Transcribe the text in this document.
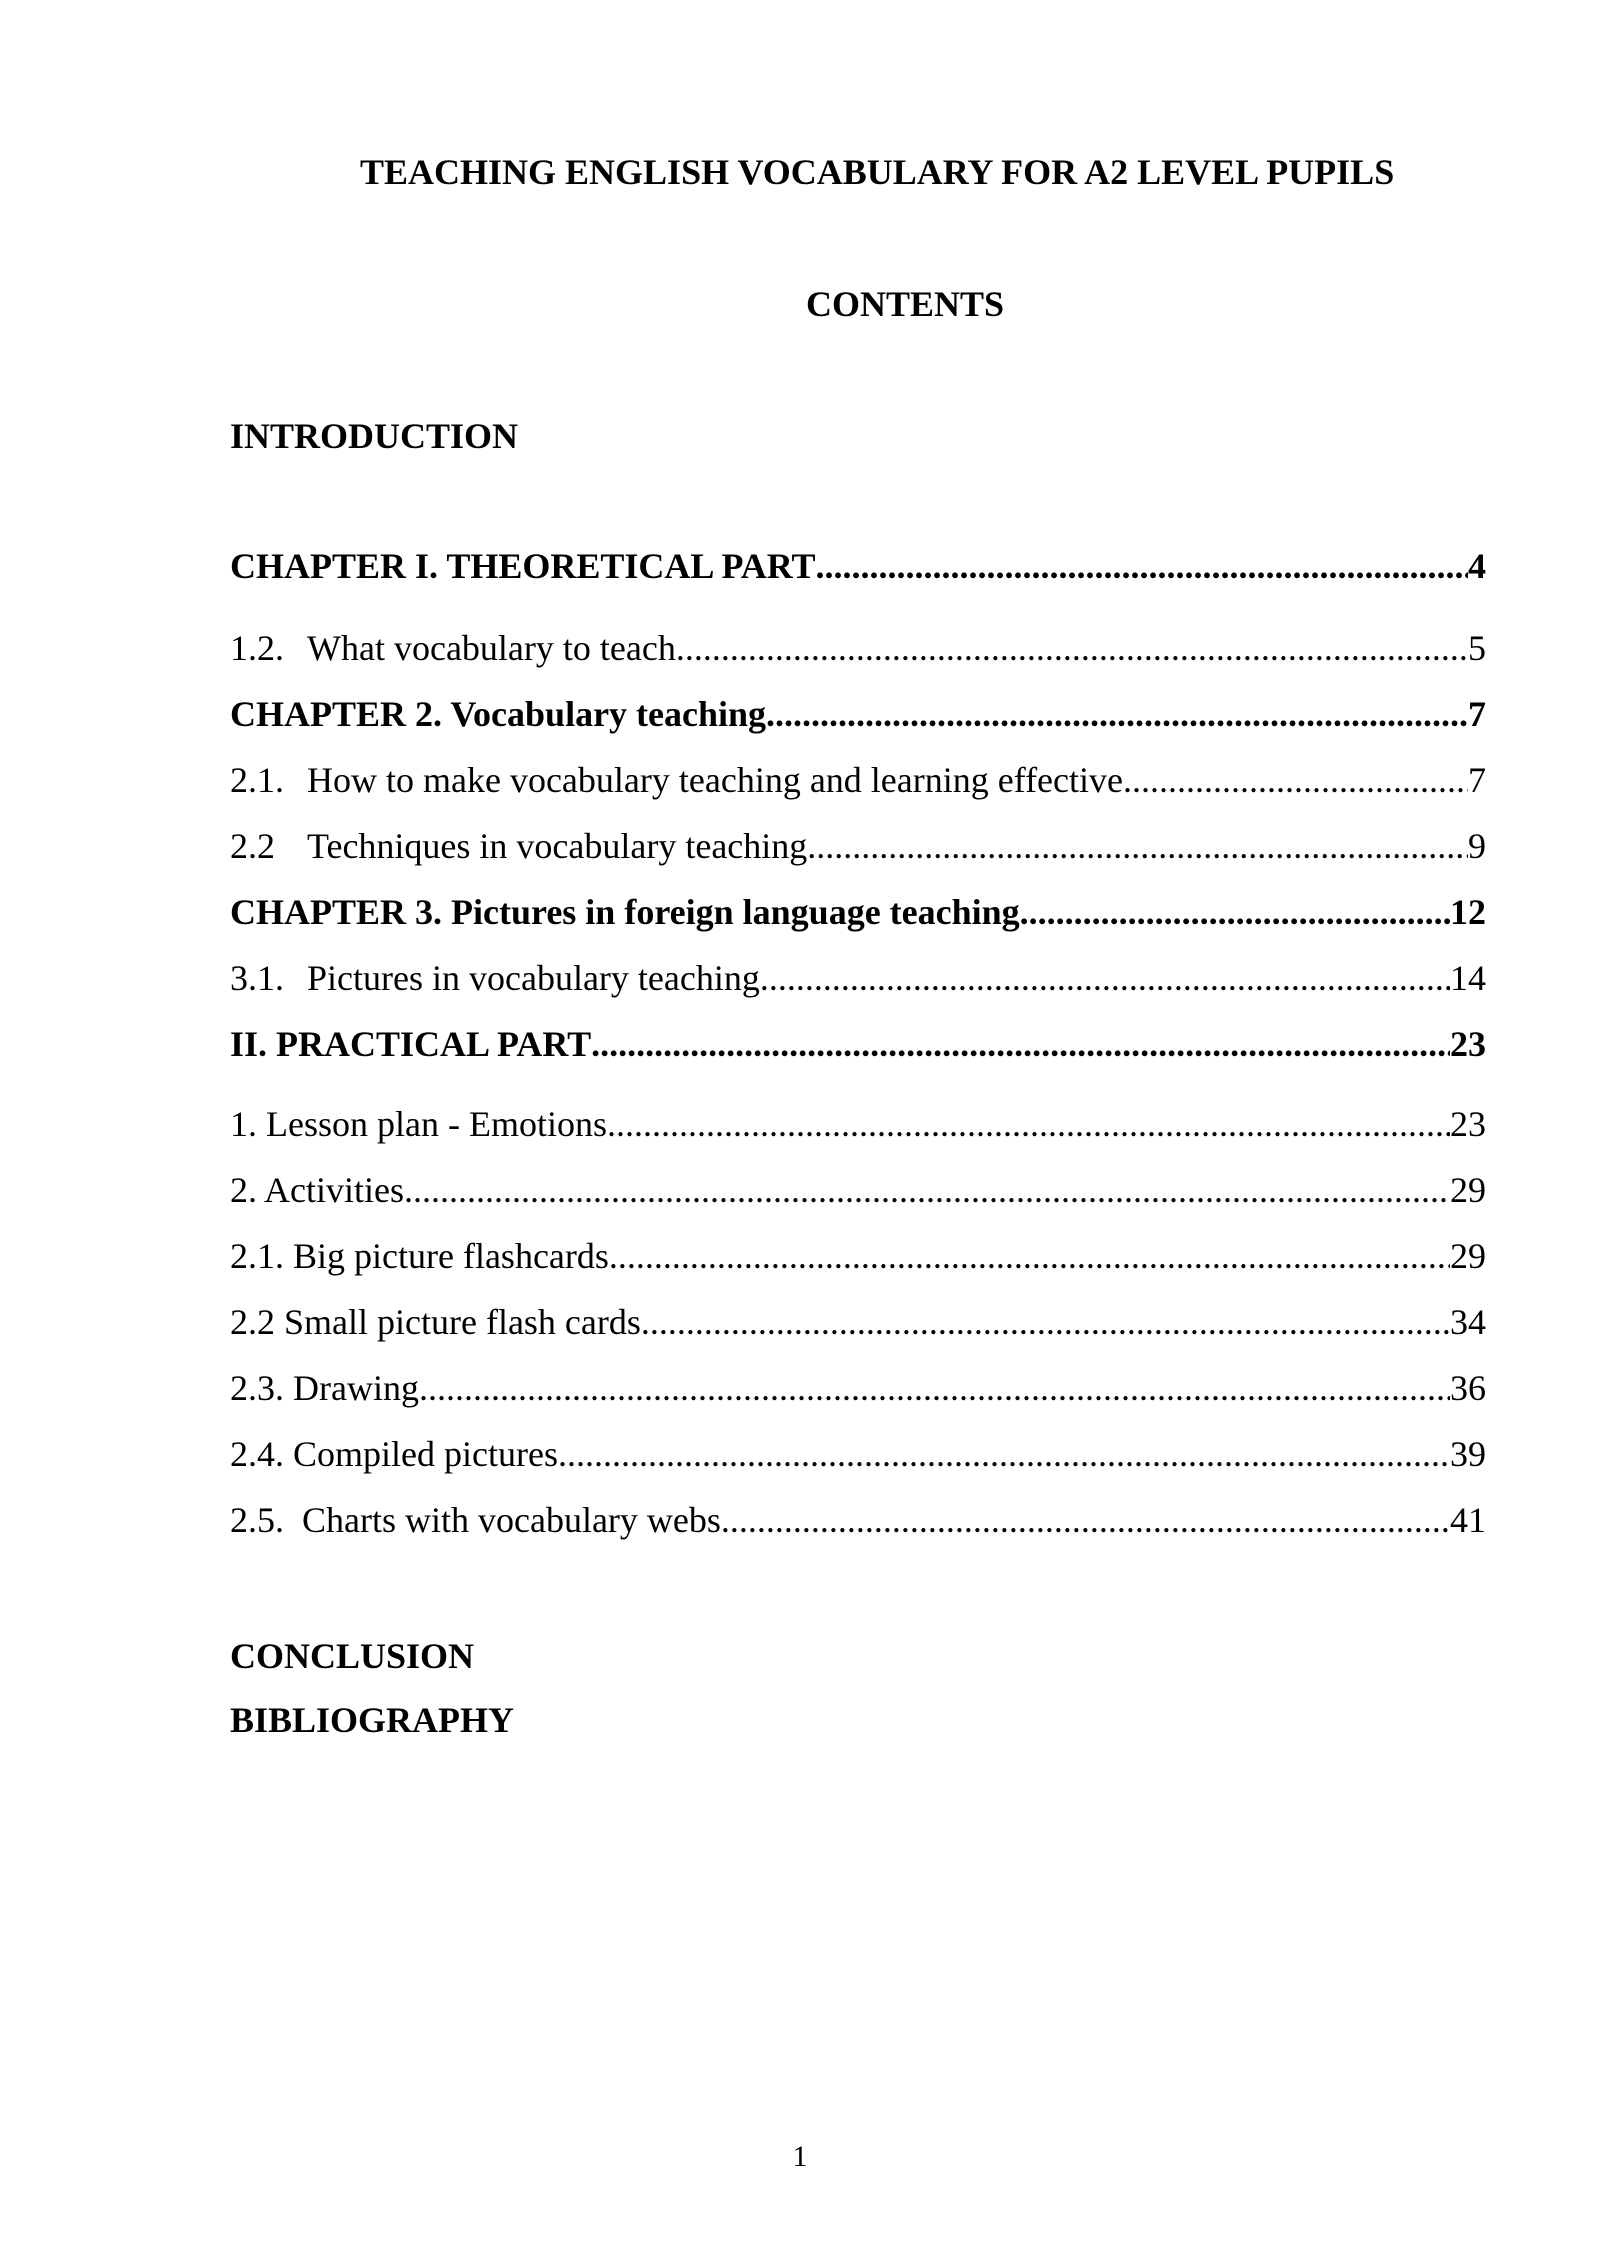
TEACHING ENGLISH VOCABULARY FOR A2 LEVEL PUPILS
CONTENTS
INTRODUCTION
CHAPTER I. THEORETICAL PART .....	4
1.2. What vocabulary to teach .....	5
CHAPTER 2. Vocabulary teaching .....	7
2.1. How to make vocabulary teaching and learning effective .....	7
2.2 Techniques in vocabulary teaching .....	9
CHAPTER 3. Pictures in foreign language teaching .....	12
3.1. Pictures in vocabulary teaching .....	14
II. PRACTICAL PART .....	23
1. Lesson plan - Emotions .....	23
2. Activities .....	29
2.1. Big picture flashcards .....	29
2.2 Small picture flash cards .....	34
2.3. Drawing .....	36
2.4. Compiled pictures .....	39
2.5.  Charts with vocabulary webs .....	41
CONCLUSION
BIBLIOGRAPHY
1
